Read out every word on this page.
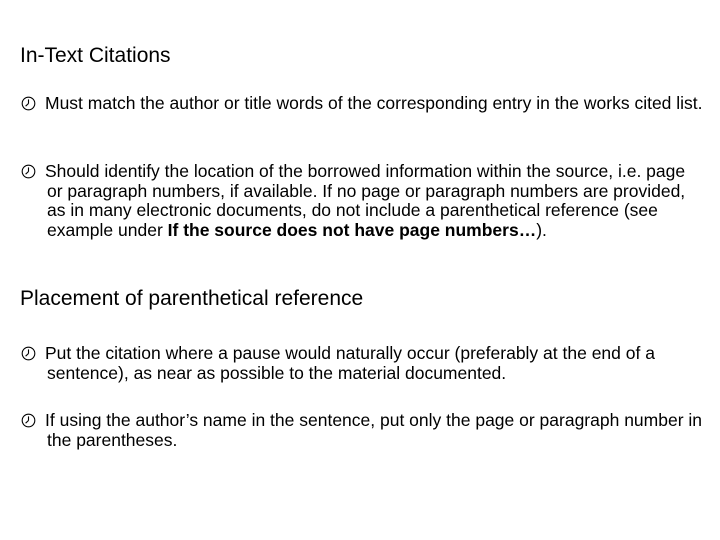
In-Text Citations

Must match the author or title words of the corresponding entry in the works cited list.

Should identify the location of the borrowed information within the source, i.e. page or paragraph numbers, if available. If no page or paragraph numbers are provided, as in many electronic documents, do not include a parenthetical reference (see example under If the source does not have page numbers…).

Placement of parenthetical reference

Put the citation where a pause would naturally occur (preferably at the end of a sentence), as near as possible to the material documented.

If using the author’s name in the sentence, put only the page or paragraph number in the parentheses.
